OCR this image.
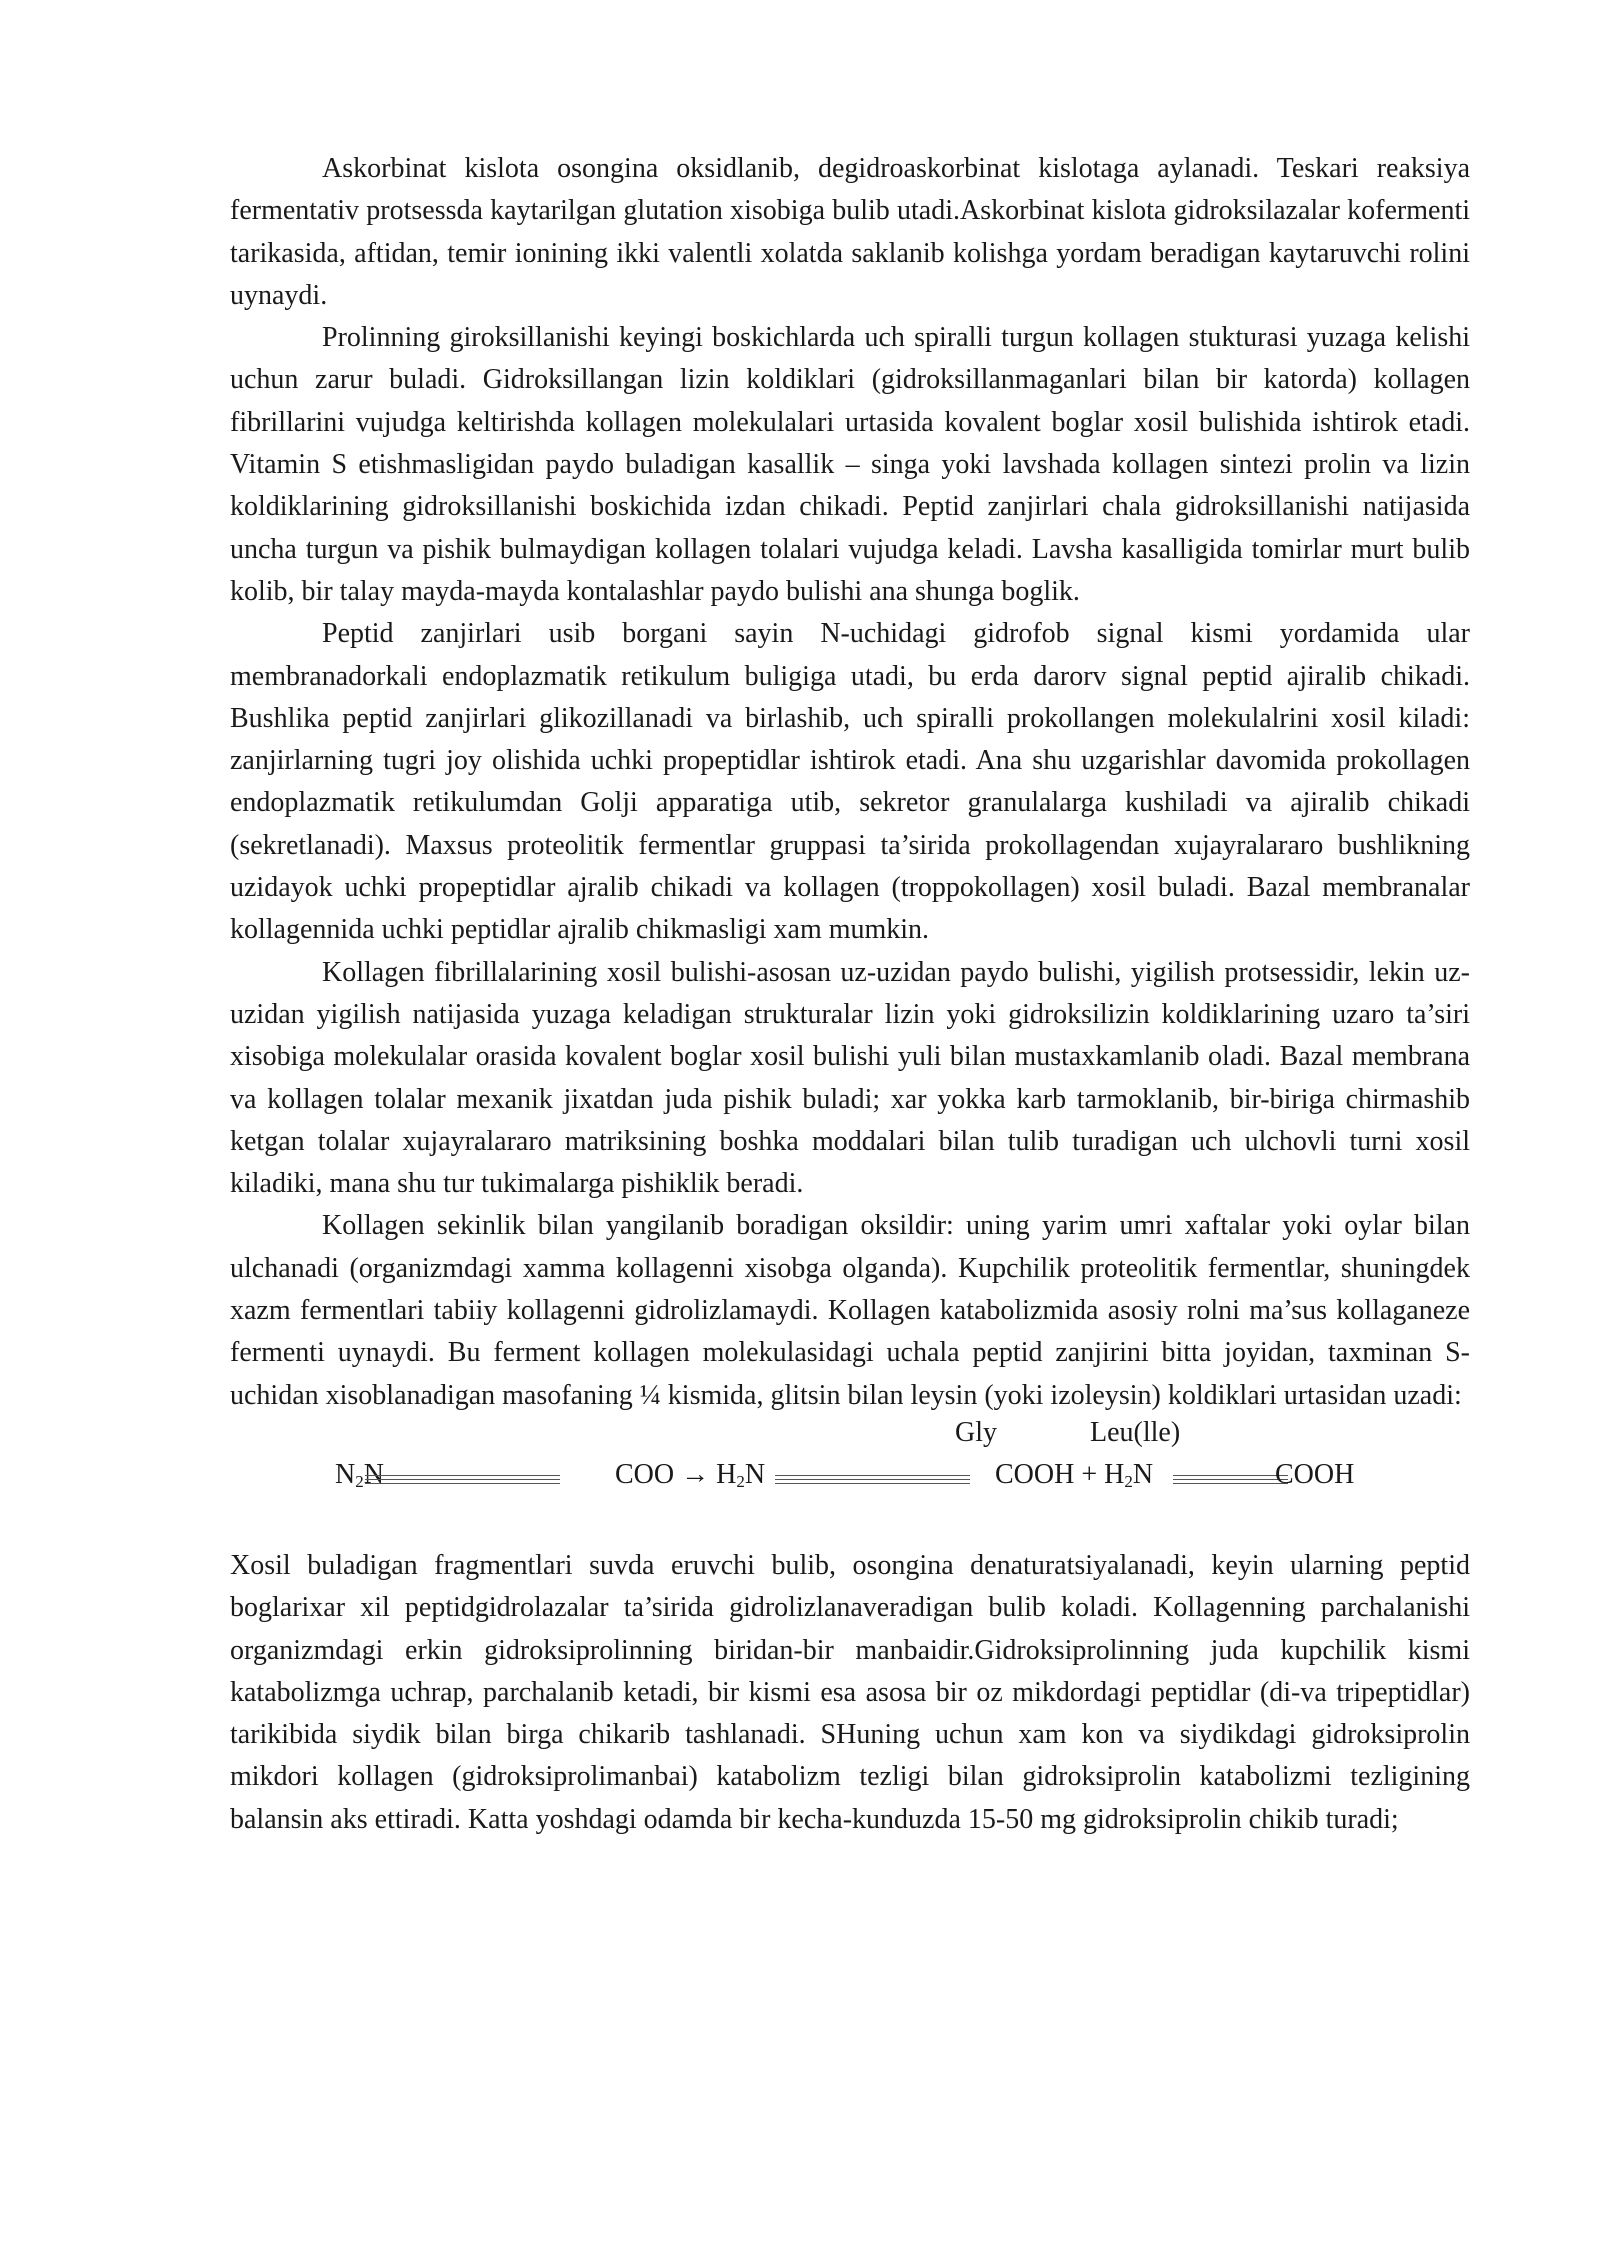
Askorbinat kislota osongina oksidlanib, degidroaskorbinat kislotaga aylanadi. Teskari reaksiya fermentativ protsessda kaytarilgan glutation xisobiga bulib utadi.Askorbinat kislota gidroksilazalar kofermenti tarikasida, aftidan, temir ionining ikki valentli xolatda saklanib kolishga yordam beradigan kaytaruvchi rolini uynaydi.

Prolinning giroksillanishi keyingi boskichlarda uch spiralli turgun kollagen stukturasi yuzaga kelishi uchun zarur buladi. Gidroksillangan lizin koldiklari (gidroksillanmaganlari bilan bir katorda) kollagen fibrillarini vujudga keltirishda kollagen molekulalari urtasida kovalent boglar xosil bulishida ishtirok etadi. Vitamin S etishmasligidan paydo buladigan kasallik – singa yoki lavshada kollagen sintezi prolin va lizin koldiklarining gidroksillanishi boskichida izdan chikadi. Peptid zanjirlari chala gidroksillanishi natijasida uncha turgun va pishik bulmaydigan kollagen tolalari vujudga keladi. Lavsha kasalligida tomirlar murt bulib kolib, bir talay mayda-mayda kontalashlar paydo bulishi ana shunga boglik.

Peptid zanjirlari usib borgani sayin N-uchidagi gidrofob signal kismi yordamida ular membranadorkali endoplazmatik retikulum buligiga utadi, bu erda darorv signal peptid ajiralib chikadi. Bushlika peptid zanjirlari glikozillanadi va birlashib, uch spiralli prokollangen molekulalrini xosil kiladi: zanjirlarning tugri joy olishida uchki propeptidlar ishtirok etadi. Ana shu uzgarishlar davomida prokollagen endoplazmatik retikulumdan Golji apparatiga utib, sekretor granulalarga kushiladi va ajiralib chikadi (sekretlanadi). Maxsus proteolitik fermentlar gruppasi ta’sirida prokollagendan xujayralararo bushlikning uzidayok uchki propeptidlar ajralib chikadi va kollagen (troppokollagen) xosil buladi. Bazal membranalar kollagennida uchki peptidlar ajralib chikmasligi xam mumkin.

Kollagen fibrillalarining xosil bulishi-asosan uz-uzidan paydo bulishi, yigilish protsessidir, lekin uz-uzidan yigilish natijasida yuzaga keladigan strukturalar lizin yoki gidroksilizin koldiklarining uzaro ta’siri xisobiga molekulalar orasida kovalent boglar xosil bulishi yuli bilan mustaxkamlanib oladi. Bazal membrana va kollagen tolalar mexanik jixatdan juda pishik buladi; xar yokka karb tarmoklanib, bir-biriga chirmashib ketgan tolalar xujayralararo matriksining boshka moddalari bilan tulib turadigan uch ulchovli turni xosil kiladiki, mana shu tur tukimalarga pishiklik beradi.

Kollagen sekinlik bilan yangilanib boradigan oksildir: uning yarim umri xaftalar yoki oylar bilan ulchanadi (organizmdagi xamma kollagenni xisobga olganda). Kupchilik proteolitik fermentlar, shuningdek xazm fermentlari tabiiy kollagenni gidrolizlamaydi. Kollagen katabolizmida asosiy rolni ma’sus kollaganeze fermenti uynaydi. Bu ferment kollagen molekulasidagi uchala peptid zanjirini bitta joyidan, taxminan S-uchidan xisoblanadigan masofaning ¼ kismida, glitsin bilan leysin (yoki izoleysin) koldiklari urtasidan uzadi:

Gly	Leu(lle)
$N_2N$	COO → $H_2N$	COOH + $H_2N$	COOH

Xosil buladigan fragmentlari suvda eruvchi bulib, osongina denaturatsiyalanadi, keyin ularning peptid boglarixar xil peptidgidrolazalar ta’sirida gidrolizlanaveradigan bulib koladi. Kollagenning parchalanishi organizmdagi erkin gidroksiprolinning biridan-bir manbaidir.Gidroksiprolinning juda kupchilik kismi katabolizmga uchrap, parchalanib ketadi, bir kismi esa asosa bir oz mikdordagi peptidlar (di-va tripeptidlar) tarikibida siydik bilan birga chikarib tashlanadi. SHuning uchun xam kon va siydikdagi gidroksiprolin mikdori kollagen (gidroksiprolimanbai) katabolizm tezligi bilan gidroksiprolin katabolizmi tezligining balansin aks ettiradi. Katta yoshdagi odamda bir kecha-kunduzda 15-50 mg gidroksiprolin chikib turadi;
